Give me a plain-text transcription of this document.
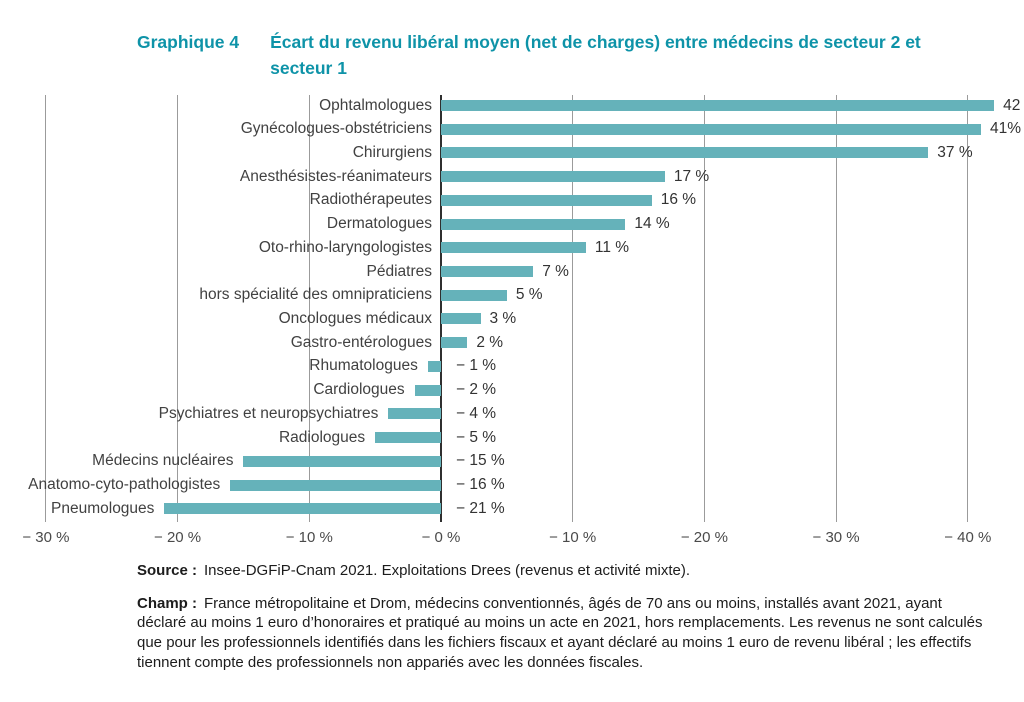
Graphique 4 Écart du revenu libéral moyen (net de charges) entre médecins de secteur 2 et secteur 1
− 30 %	− 20 %	− 10 %	− 0 %	− 10 %	− 20 %	− 30 %	− 40 %
Ophtalmologues	42
Gynécologues-obstétriciens	41%
Chirurgiens	37 %
Anesthésistes-réanimateurs	17 %
Radiothérapeutes	16 %
Dermatologues	14 %
Oto-rhino-laryngologistes	11 %
Pédiatres	7 %
hors spécialité des omnipraticiens	5 %
Oncologues médicaux	3 %
Gastro-entérologues	2 %
Rhumatologues − 1 %
Cardiologues	− 2 %
Psychiatres et neuropsychiatres	− 4 %
Radiologues	− 5 %
Médecins nucléaires	− 15 %
Anatomo-cyto-pathologistes	− 16 %
Pneumologues	− 21 %

Source : Insee-DGFiP-Cnam 2021. Exploitations Drees (revenus et activité mixte).

Champ : France métropolitaine et Drom, médecins conventionnés, âgés de 70 ans ou moins, installés avant 2021, ayant déclaré au moins 1 euro d’honoraires et pratiqué au moins un acte en 2021, hors remplacements. Les revenus ne sont calculés que pour les professionnels identifiés dans les fichiers fiscaux et ayant déclaré au moins 1 euro de revenu libéral ; les effectifs tiennent compte des professionnels non appariés avec les données fiscales.
